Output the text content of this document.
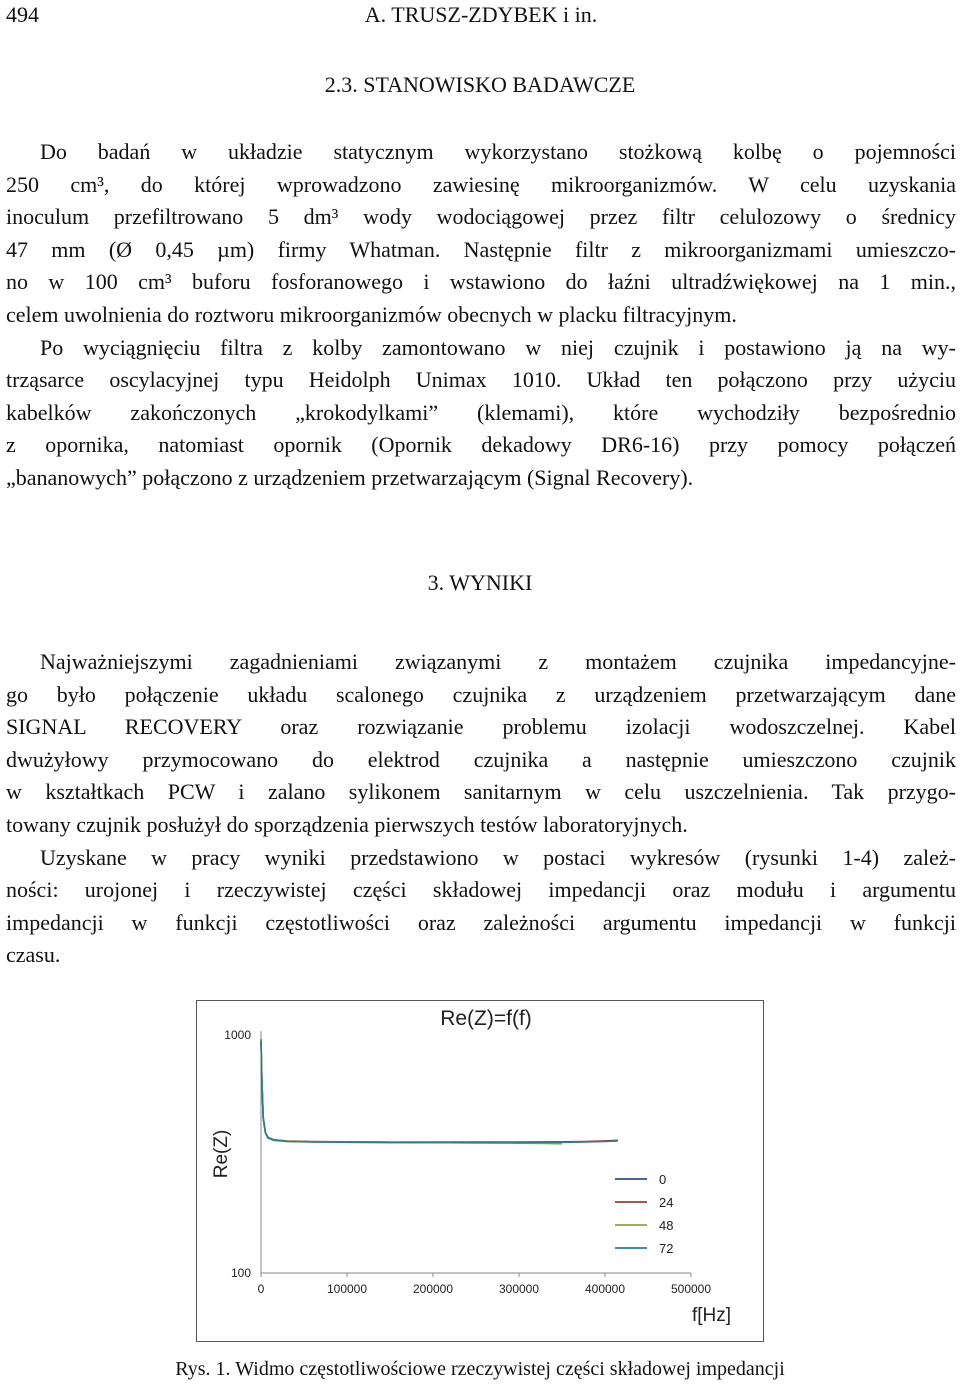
494	A. TRUSZ-ZDYBEK i in.
2.3. STANOWISKO BADAWCZE
Do badań w układzie statycznym wykorzystano stożkową kolbę o pojemności
250 cm³, do której wprowadzono zawiesinę mikroorganizmów. W celu uzyskania
inoculum przefiltrowano 5 dm³ wody wodociągowej przez filtr celulozowy o średnicy
47 mm (Ø 0,45 µm) firmy Whatman. Następnie filtr z mikroorganizmami umieszczo-
no w 100 cm³ buforu fosforanowego i wstawiono do łaźni ultradźwiękowej na 1 min.,
celem uwolnienia do roztworu mikroorganizmów obecnych w placku filtracyjnym.
Po wyciągnięciu filtra z kolby zamontowano w niej czujnik i postawiono ją na wy-
trząsarce oscylacyjnej typu Heidolph Unimax 1010. Układ ten połączono przy użyciu
kabelków zakończonych „krokodylkami” (klemami), które wychodziły bezpośrednio
z opornika, natomiast opornik (Opornik dekadowy DR6-16) przy pomocy połączeń
„bananowych” połączono z urządzeniem przetwarzającym (Signal Recovery).
3. WYNIKI
Najważniejszymi zagadnieniami związanymi z montażem czujnika impedancyjne-
go było połączenie układu scalonego czujnika z urządzeniem przetwarzającym dane
SIGNAL RECOVERY oraz rozwiązanie problemu izolacji wodoszczelnej. Kabel
dwużyłowy przymocowano do elektrod czujnika a następnie umieszczono czujnik
w kształtkach PCW i zalano sylikonem sanitarnym w celu uszczelnienia. Tak przygo-
towany czujnik posłużył do sporządzenia pierwszych testów laboratoryjnych.
Uzyskane w pracy wyniki przedstawiono w postaci wykresów (rysunki 1-4) zależ-
ności: urojonej i rzeczywistej części składowej impedancji oraz modułu i argumentu
impedancji w funkcji częstotliwości oraz zależności argumentu impedancji w funkcji
czasu.
Re(Z)=f(f)
100
1000
0	100000	200000	300000	400000	500000
Re(Z)
f[Hz]
0
24
48
72
Rys. 1. Widmo częstotliwościowe rzeczywistej części składowej impedancji
